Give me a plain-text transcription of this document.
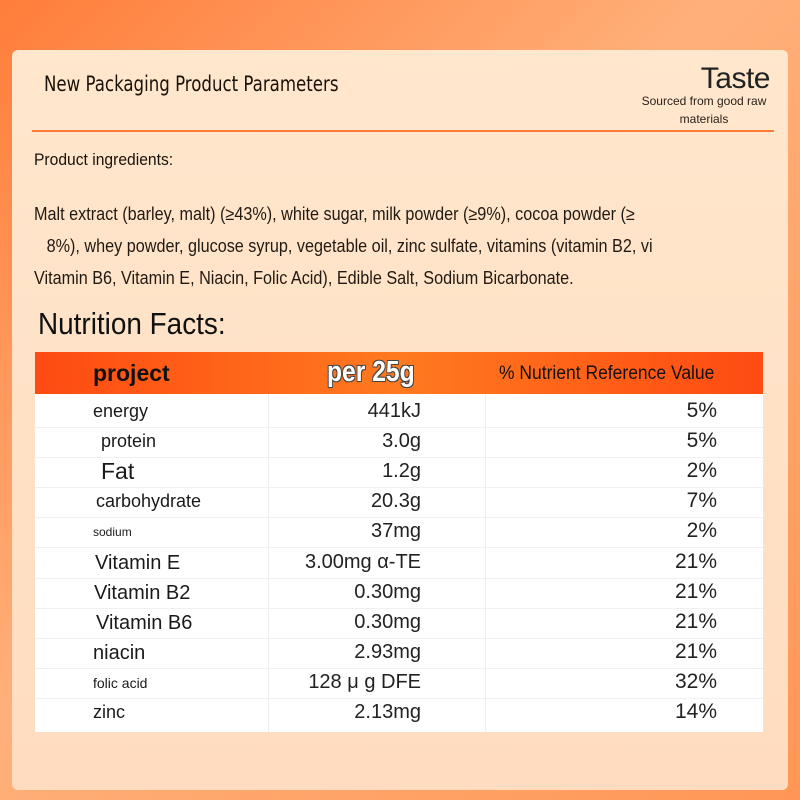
New Packaging Product Parameters	Taste
Sourced from good raw materials
Product ingredients:
Malt extract (barley, malt) (≥43%), white sugar, milk powder (≥9%), cocoa powder (≥
8%), whey powder, glucose syrup, vegetable oil, zinc sulfate, vitamins (vitamin B2, vi
Vitamin B6, Vitamin E, Niacin, Folic Acid), Edible Salt, Sodium Bicarbonate.
Nutrition Facts:
project	per 25g	% Nutrient Reference Value
energy	441kJ	5%
protein	3.0g	5%
Fat	1.2g	2%
carbohydrate	20.3g	7%
sodium	37mg	2%
Vitamin E	3.00mg α-TE	21%
Vitamin B2	0.30mg	21%
Vitamin B6	0.30mg	21%
niacin	2.93mg	21%
folic acid	128 μ g DFE	32%
zinc	2.13mg	14%
